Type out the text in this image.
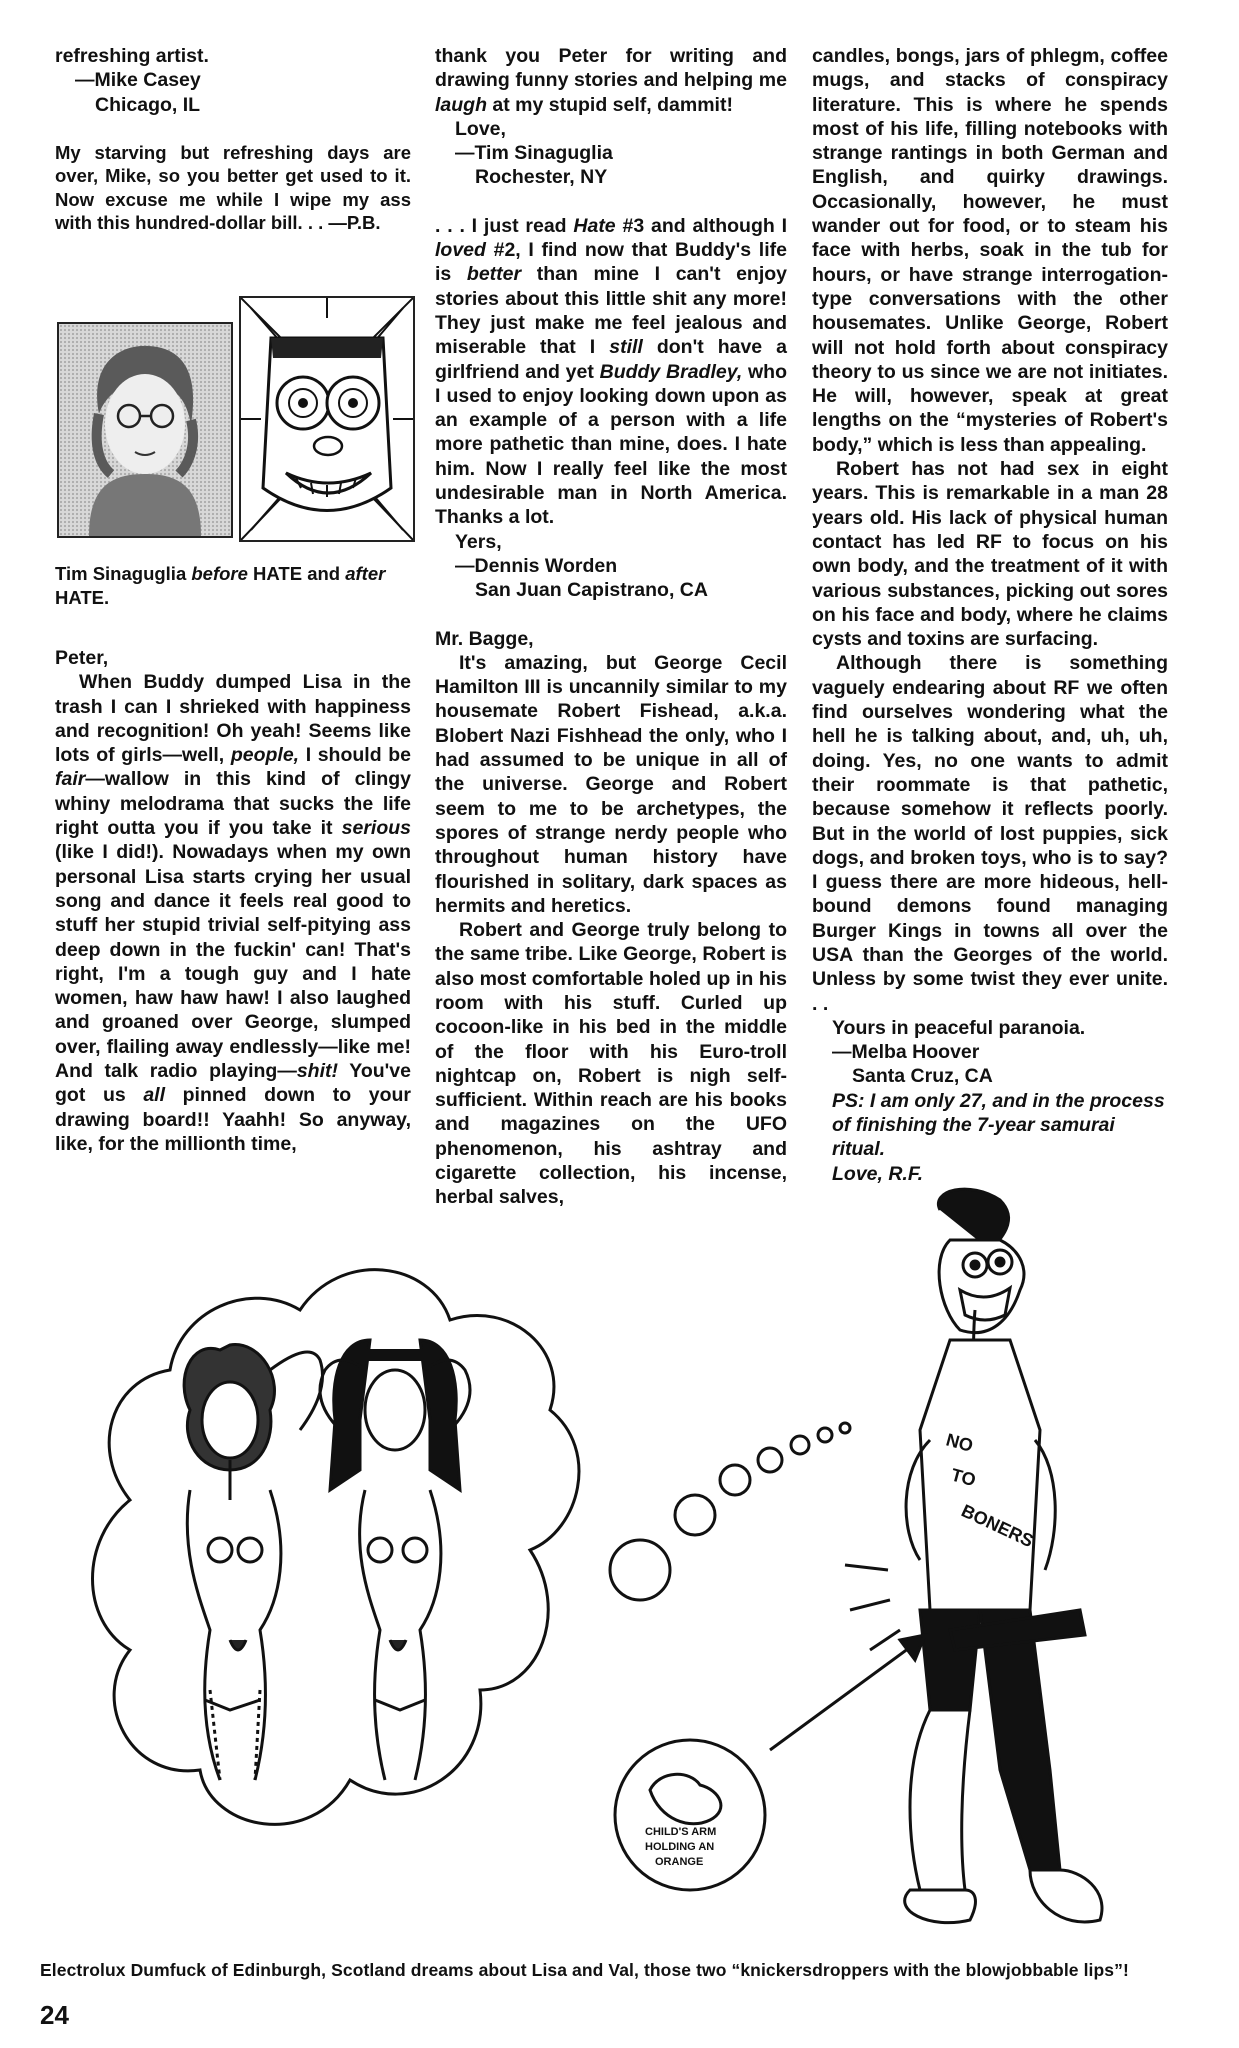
refreshing artist.

—Mike Casey

Chicago, IL

My starving but refreshing days are over, Mike, so you better get used to it. Now excuse me while I wipe my ass with this hundred-dollar bill. . . —P.B.

Tim Sinaguglia before HATE and after HATE.

Peter,

When Buddy dumped Lisa in the trash I can I shrieked with happiness and recognition! Oh yeah! Seems like lots of girls—well, people, I should be fair—wallow in this kind of clingy whiny melodrama that sucks the life right outta you if you take it serious (like I did!). Nowadays when my own personal Lisa starts crying her usual song and dance it feels real good to stuff her stupid trivial self-pitying ass deep down in the fuckin' can! That's right, I'm a tough guy and I hate women, haw haw haw! I also laughed and groaned over George, slumped over, flailing away endlessly—like me! And talk radio playing—shit! You've got us all pinned down to your drawing board!! Yaahh! So anyway, like, for the millionth time,

thank you Peter for writing and drawing funny stories and helping me laugh at my stupid self, dammit!

Love,

—Tim Sinaguglia

Rochester, NY

. . . I just read Hate #3 and although I loved #2, I find now that Buddy's life is better than mine I can't enjoy stories about this little shit any more! They just make me feel jealous and miserable that I still don't have a girlfriend and yet Buddy Bradley, who I used to enjoy looking down upon as an example of a person with a life more pathetic than mine, does. I hate him. Now I really feel like the most undesirable man in North America. Thanks a lot.

Yers,

—Dennis Worden

San Juan Capistrano, CA

Mr. Bagge,

It's amazing, but George Cecil Hamilton III is uncannily similar to my housemate Robert Fishead, a.k.a. Blobert Nazi Fishhead the only, who I had assumed to be unique in all of the universe. George and Robert seem to me to be archetypes, the spores of strange nerdy people who throughout human history have flourished in solitary, dark spaces as hermits and heretics.

Robert and George truly belong to the same tribe. Like George, Robert is also most comfortable holed up in his room with his stuff. Curled up cocoon-like in his bed in the middle of the floor with his Euro-troll nightcap on, Robert is nigh self-sufficient. Within reach are his books and magazines on the UFO phenomenon, his ashtray and cigarette collection, his incense, herbal salves,

candles, bongs, jars of phlegm, coffee mugs, and stacks of conspiracy literature. This is where he spends most of his life, filling notebooks with strange rantings in both German and English, and quirky drawings. Occasionally, however, he must wander out for food, or to steam his face with herbs, soak in the tub for hours, or have strange interrogation-type conversations with the other housemates. Unlike George, Robert will not hold forth about conspiracy theory to us since we are not initiates. He will, however, speak at great lengths on the “mysteries of Robert's body,” which is less than appealing.

Robert has not had sex in eight years. This is remarkable in a man 28 years old. His lack of physical human contact has led RF to focus on his own body, and the treatment of it with various substances, picking out sores on his face and body, where he claims cysts and toxins are surfacing.

Although there is something vaguely endearing about RF we often find ourselves wondering what the hell he is talking about, and, uh, uh, doing. Yes, no one wants to admit their roommate is that pathetic, because somehow it reflects poorly. But in the world of lost puppies, sick dogs, and broken toys, who is to say? I guess there are more hideous, hell-bound demons found managing Burger Kings in towns all over the USA than the Georges of the world. Unless by some twist they ever unite. . .

Yours in peaceful paranoia.

—Melba Hoover

Santa Cruz, CA

PS: I am only 27, and in the process of finishing the 7-year samurai ritual.

Love, R.F.

NO
TO
BONERS
CHILD'S ARM
HOLDING AN
ORANGE
Electrolux Dumfuck of Edinburgh, Scotland dreams about Lisa and Val, those two “knickersdroppers with the blowjobbable lips”!
24
